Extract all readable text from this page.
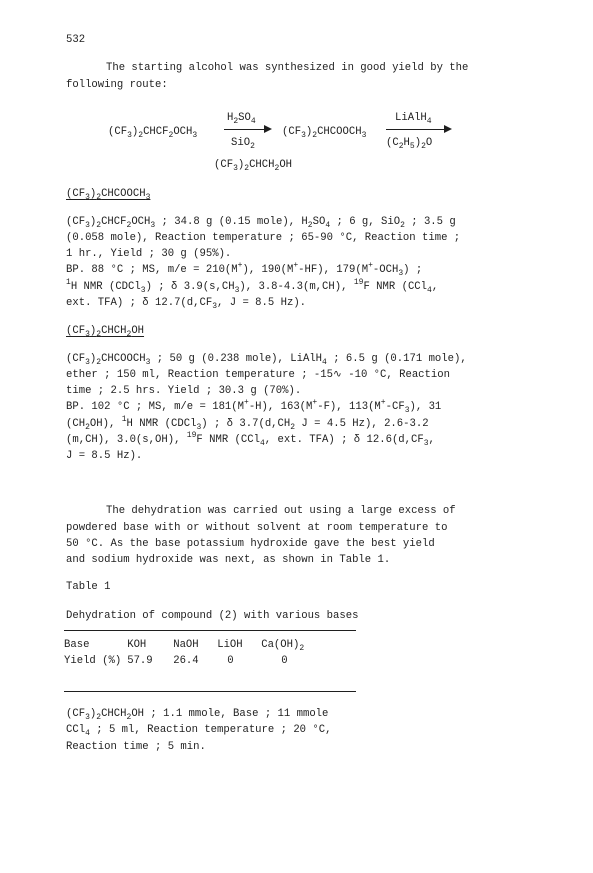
532
The starting alcohol was synthesized in good yield by the
following route:
$(CF_3)_2CHCF_2OCH_3$
$H_2SO_4$
SiO$_2$
$(CF_3)_2CHCOOCH_3$
LiAlH$_4$
$(C_2H_5)_2O$
$(CF_3)_2CHCH_2OH$
$(CF_3)_2CHCOOCH_3$
$(CF_3)_2CHCF_2OCH_3$ ; 34.8 g (0.15 mole), $H_2SO_4$ ; 6 g, SiO$_2$ ; 3.5 g
(0.058 mole), Reaction temperature ; 65-90 °C, Reaction time ;
1 hr., Yield ; 30 g (95%).
BP. 88 °C ; MS, m/e = 210(M+), 190(M+-HF), $179(M^+-OCH_3)$ ;
$^1$H NMR (CDCl$_3$) ; δ $3.9(s,CH_3)$, 3.8-4.3(m,CH), $^{19}$F NMR (CCl$_4$,
ext. TFA) ; δ $12.7(d,CF_3$, J = 8.5 Hz).
$(CF_3)_2CHCH_2OH$
$(CF_3)_2CHCOOCH_3$ ; 50 g (0.238 mole), LiAlH$_4$ ; 6.5 g (0.171 mole),
ether ; 150 ml, Reaction temperature ; -15∿ -10 °C, Reaction
time ; 2.5 hrs. Yield ; 30.3 g (70%).
BP. 102 °C ; MS, m/e = 181(M+-H), 163(M+-F), $113(M^+-CF_3)$, 31
$(CH_2OH)$, $^1$H NMR (CDCl$_3$) ; δ $3.7(d,CH_2$ J = 4.5 Hz), 2.6-3.2
(m,CH), 3.0(s,OH), $^{19}$F NMR (CCl$_4$, ext. TFA) ; δ $12.6(d,CF_3$,
J = 8.5 Hz).
The dehydration was carried out using a large excess of
powdered base with or without solvent at room temperature to
50 °C. As the base potassium hydroxide gave the best yield
and sodium hydroxide was next, as shown in Table 1.
Table 1
Dehydration of compound (2) with various bases
Base	KOH	NaOH	LiOH	$Ca(OH)_2$
Yield (%)	57.9	26.4	0	0
$(CF_3)_2CHCH_2OH$ ; 1.1 mmole, Base ; 11 mmole
CCl$_4$ ; 5 ml, Reaction temperature ; 20 °C,
Reaction time ; 5 min.
